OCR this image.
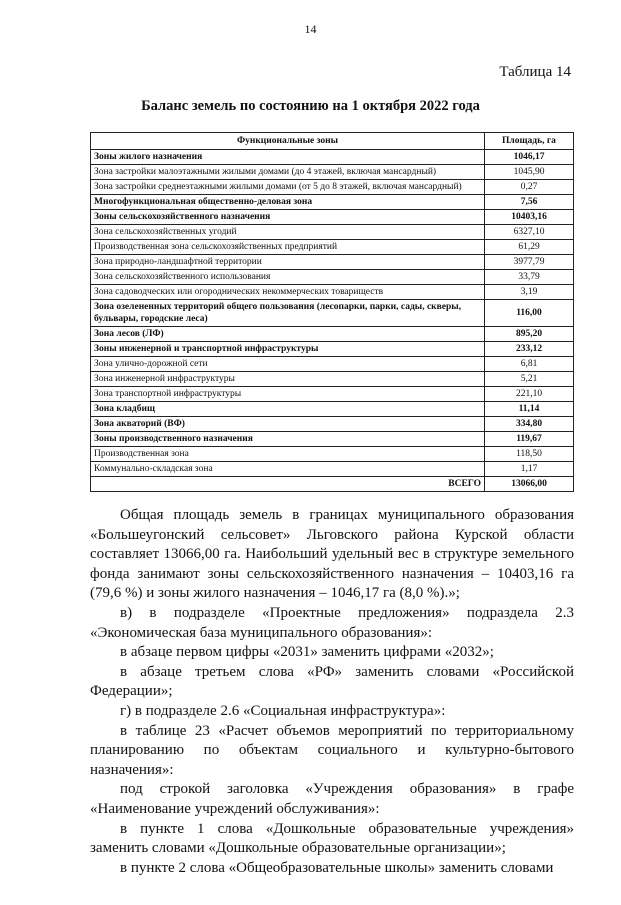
14
Таблица 14
Баланс земель по состоянию на 1 октября 2022 года
Функциональные зоны	Площадь, га
Зоны жилого назначения	1046,17
Зона застройки малоэтажными жилыми домами (до 4 этажей, включая мансардный)	1045,90
Зона застройки среднеэтажными жилыми домами (от 5 до 8 этажей, включая мансардный)	0,27
Многофункциональная общественно-деловая зона	7,56
Зоны сельскохозяйственного назначения	10403,16
Зона сельскохозяйственных угодий	6327,10
Производственная зона сельскохозяйственных предприятий	61,29
Зона природно-ландшафтной территории	3977,79
Зона сельскохозяйственного использования	33,79
Зона садоводческих или огороднических некоммерческих товариществ	3,19
Зона озелененных территорий общего пользования (лесопарки, парки, сады, скверы, бульвары, городские леса)	116,00
Зона лесов (ЛФ)	895,20
Зоны инженерной и транспортной инфраструктуры	233,12
Зона улично-дорожной сети	6,81
Зона инженерной инфраструктуры	5,21
Зона транспортной инфраструктуры	221,10
Зона кладбищ	11,14
Зона акваторий (ВФ)	334,80
Зоны производственного назначения	119,67
Производственная зона	118,50
Коммунально-складская зона	1,17
ВСЕГО	13066,00

Общая площадь земель в границах муниципального образования «Большеугонский сельсовет» Льговского района Курской области составляет 13066,00 га. Наибольший удельный вес в структуре земельного фонда занимают зоны сельскохозяйственного назначения – 10403,16 га (79,6 %) и зоны жилого назначения – 1046,17 га (8,0 %).»;

в) в подразделе «Проектные предложения» подраздела 2.3 «Экономическая база муниципального образования»:

в абзаце первом цифры «2031» заменить цифрами «2032»;

в абзаце третьем слова «РФ» заменить словами «Российской Федерации»;

г) в подразделе 2.6 «Социальная инфраструктура»:

в таблице 23 «Расчет объемов мероприятий по территориальному планированию по объектам социального и культурно-бытового назначения»:

под строкой заголовка «Учреждения образования» в графе «Наименование учреждений обслуживания»:

в пункте 1 слова «Дошкольные образовательные учреждения» заменить словами «Дошкольные образовательные организации»;

в пункте 2 слова «Общеобразовательные школы» заменить словами
